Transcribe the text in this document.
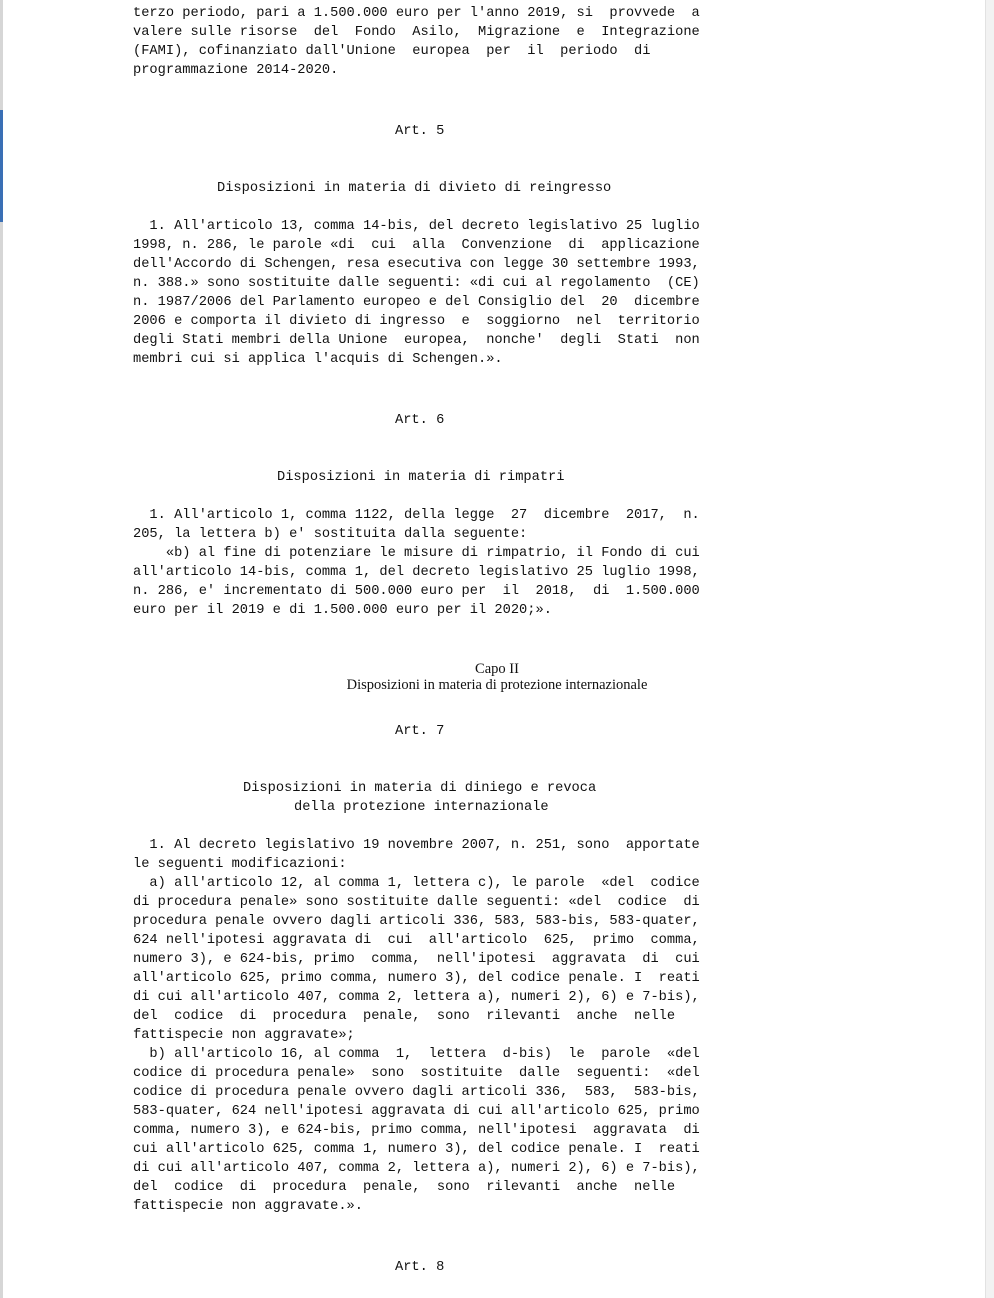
terzo periodo, pari a 1.500.000 euro per l'anno 2019, si  provvede  a
valere sulle risorse  del  Fondo  Asilo,  Migrazione  e  Integrazione
(FAMI), cofinanziato dall'Unione  europea  per  il  periodo  di
programmazione 2014-2020.
Art. 5
Disposizioni in materia di divieto di reingresso
1. All'articolo 13, comma 14-bis, del decreto legislativo 25 luglio
1998, n. 286, le parole «di  cui  alla  Convenzione  di  applicazione
dell'Accordo di Schengen, resa esecutiva con legge 30 settembre 1993,
n. 388.» sono sostituite dalle seguenti: «di cui al regolamento  (CE)
n. 1987/2006 del Parlamento europeo e del Consiglio del  20  dicembre
2006 e comporta il divieto di ingresso  e  soggiorno  nel  territorio
degli Stati membri della Unione  europea,  nonche'  degli  Stati  non
membri cui si applica l'acquis di Schengen.».
Art. 6
Disposizioni in materia di rimpatri
1. All'articolo 1, comma 1122, della legge  27  dicembre  2017,  n.
205, la lettera b) e' sostituita dalla seguente:
«b) al fine di potenziare le misure di rimpatrio, il Fondo di cui
all'articolo 14-bis, comma 1, del decreto legislativo 25 luglio 1998,
n. 286, e' incrementato di 500.000 euro per  il  2018,  di  1.500.000
euro per il 2019 e di 1.500.000 euro per il 2020;».
Capo II
Disposizioni in materia di protezione internazionale
Art. 7
Disposizioni in materia di diniego e revoca
della protezione internazionale
1. Al decreto legislativo 19 novembre 2007, n. 251, sono  apportate
le seguenti modificazioni:
a) all'articolo 12, al comma 1, lettera c), le parole  «del  codice
di procedura penale» sono sostituite dalle seguenti: «del  codice  di
procedura penale ovvero dagli articoli 336, 583, 583-bis, 583-quater,
624 nell'ipotesi aggravata di  cui  all'articolo  625,  primo  comma,
numero 3), e 624-bis, primo  comma,  nell'ipotesi  aggravata  di  cui
all'articolo 625, primo comma, numero 3), del codice penale. I  reati
di cui all'articolo 407, comma 2, lettera a), numeri 2), 6) e 7-bis),
del  codice  di  procedura  penale,  sono  rilevanti  anche  nelle
fattispecie non aggravate»;
b) all'articolo 16, al comma  1,  lettera  d-bis)  le  parole  «del
codice di procedura penale»  sono  sostituite  dalle  seguenti:  «del
codice di procedura penale ovvero dagli articoli 336,  583,  583-bis,
583-quater, 624 nell'ipotesi aggravata di cui all'articolo 625, primo
comma, numero 3), e 624-bis, primo comma, nell'ipotesi  aggravata  di
cui all'articolo 625, comma 1, numero 3), del codice penale. I  reati
di cui all'articolo 407, comma 2, lettera a), numeri 2), 6) e 7-bis),
del  codice  di  procedura  penale,  sono  rilevanti  anche  nelle
fattispecie non aggravate.».
Art. 8
